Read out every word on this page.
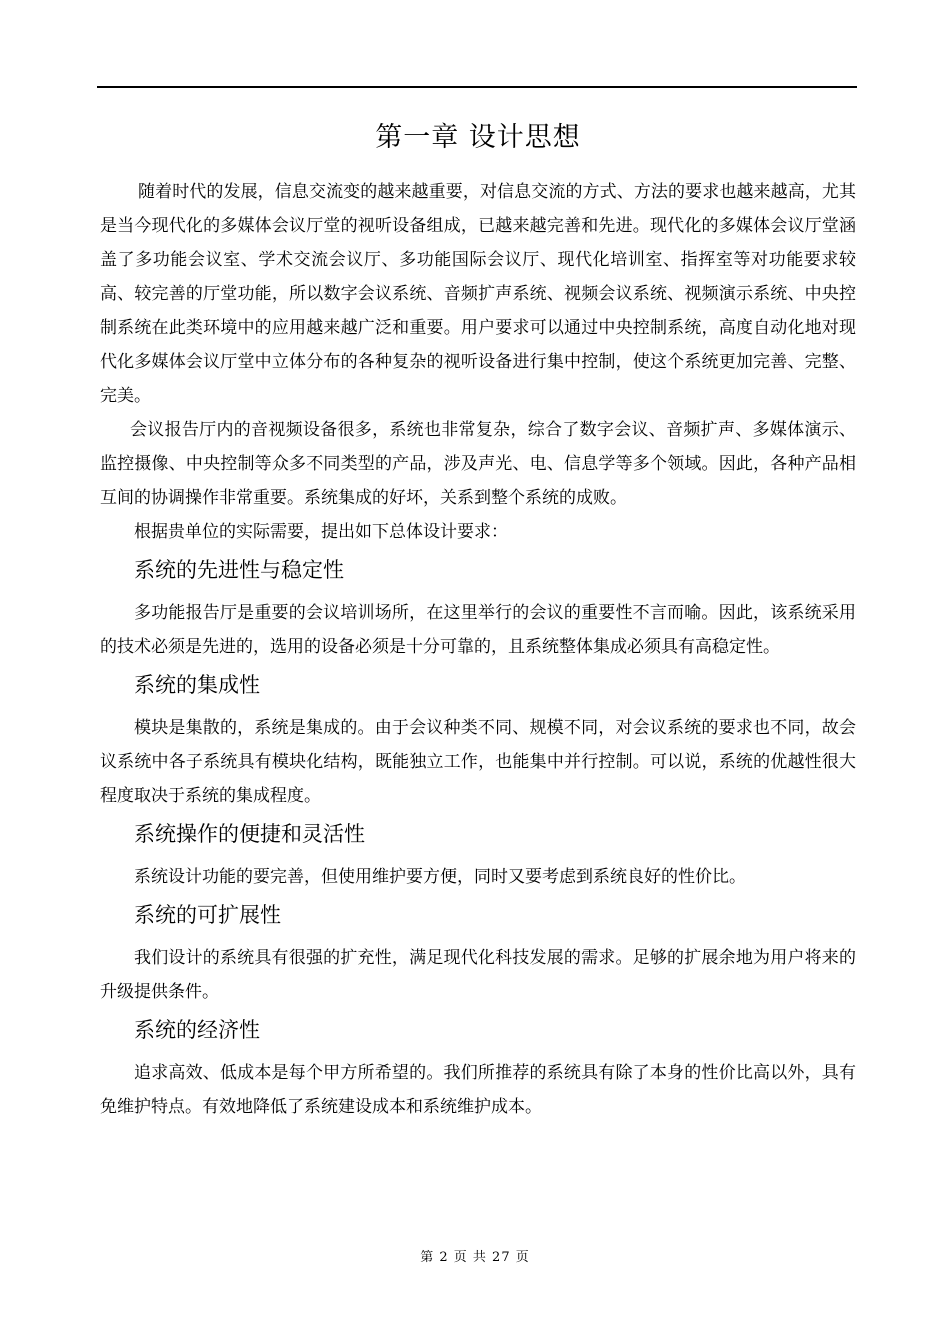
第一章 设计思想

随着时代的发展，信息交流变的越来越重要，对信息交流的方式、方法的要求也越来越高，尤其是当今现代化的多媒体会议厅堂的视听设备组成，已越来越完善和先进。现代化的多媒体会议厅堂涵盖了多功能会议室、学术交流会议厅、多功能国际会议厅、现代化培训室、指挥室等对功能要求较高、较完善的厅堂功能，所以数字会议系统、音频扩声系统、视频会议系统、视频演示系统、中央控制系统在此类环境中的应用越来越广泛和重要。用户要求可以通过中央控制系统，高度自动化地对现代化多媒体会议厅堂中立体分布的各种复杂的视听设备进行集中控制，使这个系统更加完善、完整、完美。

会议报告厅内的音视频设备很多，系统也非常复杂，综合了数字会议、音频扩声、多媒体演示、监控摄像、中央控制等众多不同类型的产品，涉及声光、电、信息学等多个领域。因此，各种产品相互间的协调操作非常重要。系统集成的好坏，关系到整个系统的成败。

根据贵单位的实际需要，提出如下总体设计要求：

系统的先进性与稳定性

多功能报告厅是重要的会议培训场所，在这里举行的会议的重要性不言而喻。因此，该系统采用的技术必须是先进的，选用的设备必须是十分可靠的，且系统整体集成必须具有高稳定性。

系统的集成性

模块是集散的，系统是集成的。由于会议种类不同、规模不同，对会议系统的要求也不同，故会议系统中各子系统具有模块化结构，既能独立工作，也能集中并行控制。可以说，系统的优越性很大程度取决于系统的集成程度。

系统操作的便捷和灵活性

系统设计功能的要完善，但使用维护要方便，同时又要考虑到系统良好的性价比。

系统的可扩展性

我们设计的系统具有很强的扩充性，满足现代化科技发展的需求。足够的扩展余地为用户将来的升级提供条件。

系统的经济性

追求高效、低成本是每个甲方所希望的。我们所推荐的系统具有除了本身的性价比高以外，具有免维护特点。有效地降低了系统建设成本和系统维护成本。

第 2 页 共 27 页
